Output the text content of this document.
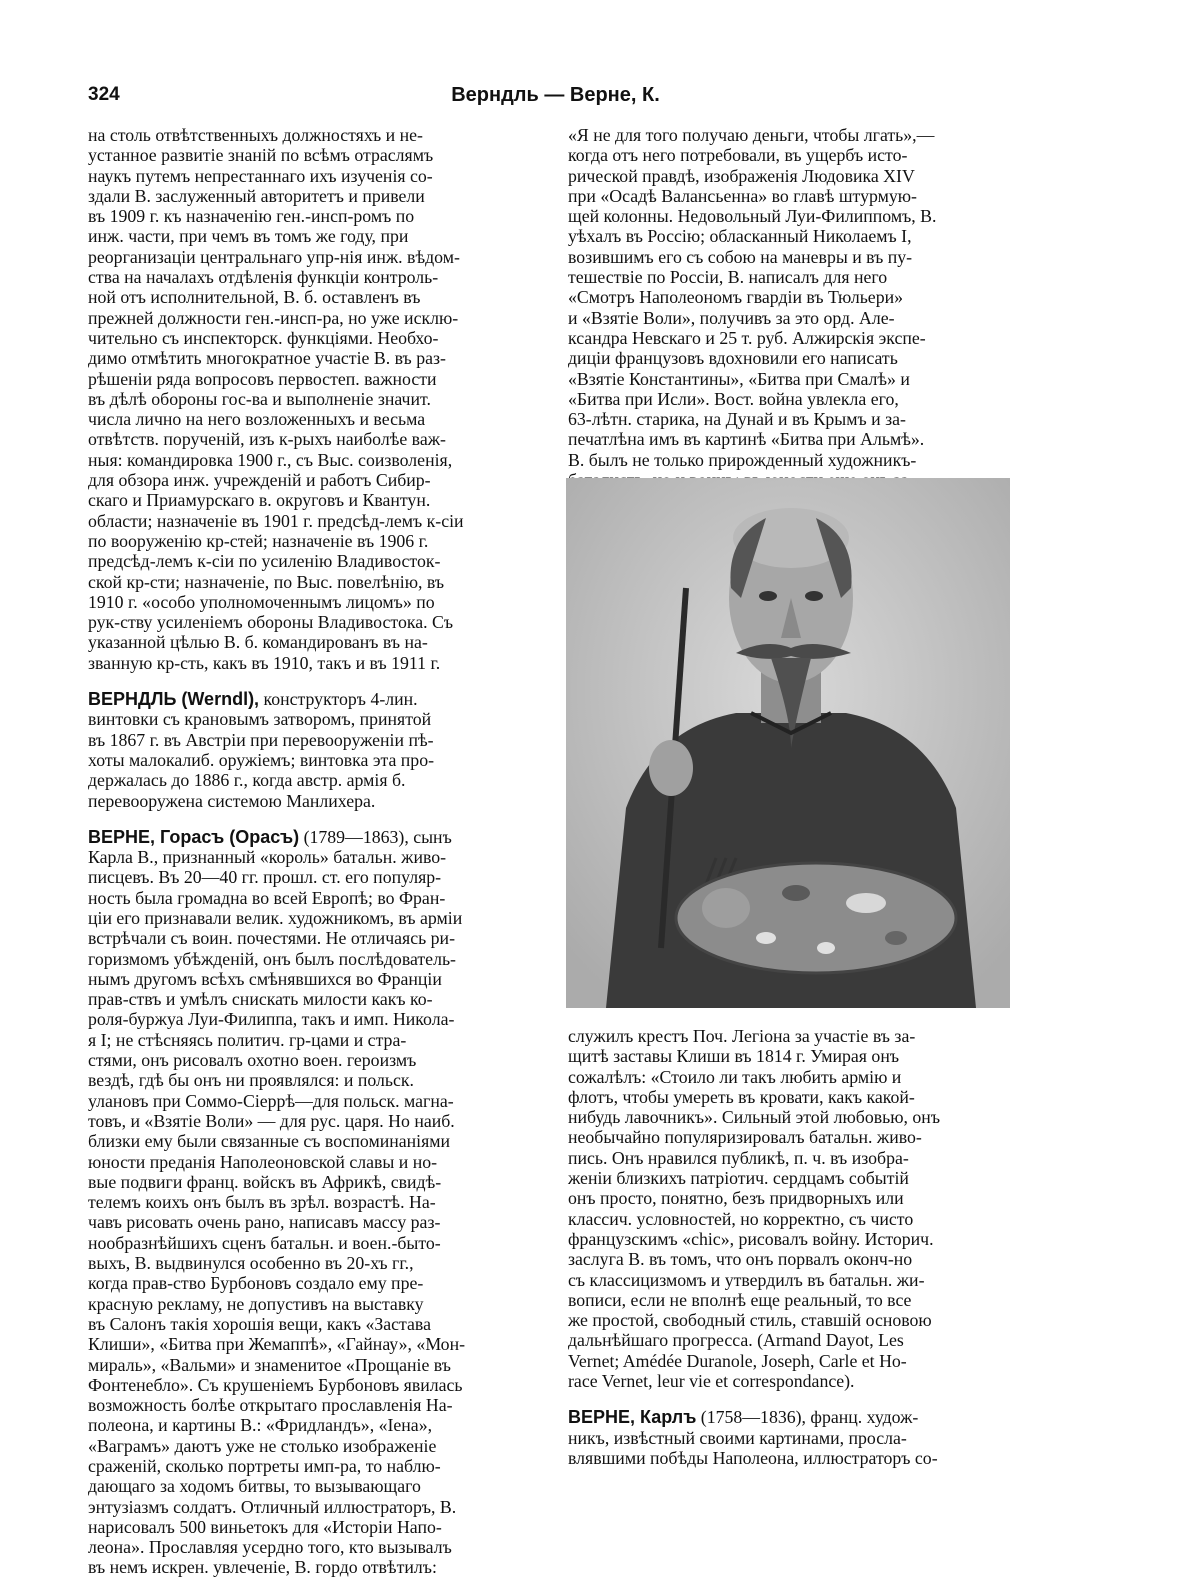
324	Верндль — Верне, К.
на столь отвѣтственныхъ должностяхъ и не-
устанное развитіе знаній по всѣмъ отраслямъ
наукъ путемъ непрестаннаго ихъ изученія со-
здали В. заслуженный авторитетъ и привели
въ 1909 г. къ назначенію ген.-инсп-ромъ по
инж. части, при чемъ въ томъ же году, при
реорганизаціи центральнаго упр-нія инж. вѣдом-
ства на началахъ отдѣленія функціи контроль-
ной отъ исполнительной, В. б. оставленъ въ
прежней должности ген.-инсп-ра, но уже исклю-
чительно съ инспекторск. функціями. Необхо-
димо отмѣтить многократное участіе В. въ раз-
рѣшеніи ряда вопросовъ первостеп. важности
въ дѣлѣ обороны гос-ва и выполненіе значит.
числа лично на него возложенныхъ и весьма
отвѣтств. порученій, изъ к-рыхъ наиболѣе важ-
ныя: командировка 1900 г., съ Выс. соизволенія,
для обзора инж. учрежденій и работъ Сибир-
скаго и Приамурскаго в. округовъ и Квантун.
области; назначеніе въ 1901 г. предсѣд-лемъ к-сіи
по вооруженію кр-стей; назначеніе въ 1906 г.
предсѣд-лемъ к-сіи по усиленію Владивосток-
ской кр-сти; назначеніе, по Выс. повелѣнію, въ
1910 г. «особо уполномоченнымъ лицомъ» по
рук-ству усиленіемъ обороны Владивостока. Съ
указанной цѣлью В. б. командированъ въ на-
званную кр-сть, какъ въ 1910, такъ и въ 1911 г.
ВЕРНДЛЬ (Werndl), конструкторъ 4-лин.
винтовки съ крановымъ затворомъ, принятой
въ 1867 г. въ Австріи при перевооруженіи пѣ-
хоты малокалиб. оружіемъ; винтовка эта про-
держалась до 1886 г., когда австр. армія б.
перевооружена системою Манлихера.
ВЕРНЕ, Горасъ (Орасъ) (1789—1863), сынъ
Карла В., признанный «король» батальн. живо-
писцевъ. Въ 20—40 гг. прошл. ст. его популяр-
ность была громадна во всей Европѣ; во Фран-
ціи его признавали велик. художникомъ, въ арміи
встрѣчали съ воин. почестями. Не отличаясь ри-
горизмомъ убѣжденій, онъ былъ послѣдователь-
нымъ другомъ всѣхъ смѣнявшихся во Франціи
прав-ствъ и умѣлъ снискать милости какъ ко-
роля-буржуа Луи-Филиппа, такъ и имп. Никола-
я I; не стѣсняясь политич. гр-цами и стра-
стями, онъ рисовалъ охотно воен. героизмъ
вездѣ, гдѣ бы онъ ни проявлялся: и польск.
улановъ при Соммо-Сіеррѣ—для польск. магна-
товъ, и «Взятіе Воли» — для рус. царя. Но наиб.
близки ему были связанные съ воспоминаніями
юности преданія Наполеоновской славы и но-
вые подвиги франц. войскъ въ Африкѣ, свидѣ-
телемъ коихъ онъ былъ въ зрѣл. возрастѣ. На-
чавъ рисовать очень рано, написавъ массу раз-
нообразнѣйшихъ сценъ батальн. и воен.-быто-
выхъ, В. выдвинулся особенно въ 20-хъ гг.,
когда прав-ство Бурбоновъ создало ему пре-
красную рекламу, не допустивъ на выставку
въ Салонъ такія хорошія вещи, какъ «Застава
Клиши», «Битва при Жемаппѣ», «Гайнау», «Мон-
мираль», «Вальми» и знаменитое «Прощаніе въ
Фонтенебло». Съ крушеніемъ Бурбоновъ явилась
возможность болѣе открытаго прославленія На-
полеона, и картины В.: «Фридландъ», «Іена»,
«Ваграмъ» даютъ уже не столько изображеніе
сраженій, сколько портреты имп-ра, то наблю-
дающаго за ходомъ битвы, то вызывающаго
энтузіазмъ солдатъ. Отличный иллюстраторъ, В.
нарисовалъ 500 виньетокъ для «Исторіи Напо-
леона». Прославляя усердно того, кто вызывалъ
въ немъ искрен. увлеченіе, В. гордо отвѣтилъ:
«Я не для того получаю деньги, чтобы лгать»,—
когда отъ него потребовали, въ ущербъ исто-
рической правдѣ, изображенія Людовика XIV
при «Осадѣ Валансьенна» во главѣ штурмую-
щей колонны. Недовольный Луи-Филиппомъ, В.
уѣхалъ въ Россію; обласканный Николаемъ I,
возившимъ его съ собою на маневры и въ пу-
тешествіе по Россіи, В. написалъ для него
«Смотръ Наполеономъ гвардіи въ Тюльери»
и «Взятіе Воли», получивъ за это орд. Але-
ксандра Невскаго и 25 т. руб. Алжирскія экспе-
диціи французовъ вдохновили его написать
«Взятіе Константины», «Битва при Смалѣ» и
«Битва при Исли». Вост. война увлекла его,
63-лѣтн. старика, на Дунай и въ Крымъ и за-
печатлѣна имъ въ картинѣ «Битва при Альмѣ».
В. былъ не только прирожденный художникъ-
служилъ крестъ Поч. Легіона за участіе въ за-
щитѣ заставы Клиши въ 1814 г. Умирая онъ
сожалѣлъ: «Стоило ли такъ любить армію и
флотъ, чтобы умереть въ кровати, какъ какой-
нибудь лавочникъ». Сильный этой любовью, онъ
необычайно популяризировалъ батальн. живо-
пись. Онъ нравился публикѣ, п. ч. въ изобра-
женіи близкихъ патріотич. сердцамъ событій
онъ просто, понятно, безъ придворныхъ или
классич. условностей, но корректно, съ чисто
французскимъ «chic», рисовалъ войну. Историч.
заслуга В. въ томъ, что онъ порвалъ оконч-но
съ классицизмомъ и утвердилъ въ батальн. жи-
вописи, если не вполнѣ еще реальный, то все
же простой, свободный стиль, ставшій основою
дальнѣйшаго прогресса. (Armand Dayot, Les
Vernet; Amédée Duranole, Joseph, Carle et Ho-
race Vernet, leur vie et correspondance).
ВЕРНЕ, Карлъ (1758—1836), франц. худож-
никъ, извѣстный своими картинами, просла-
влявшими побѣды Наполеона, иллюстраторъ со-
